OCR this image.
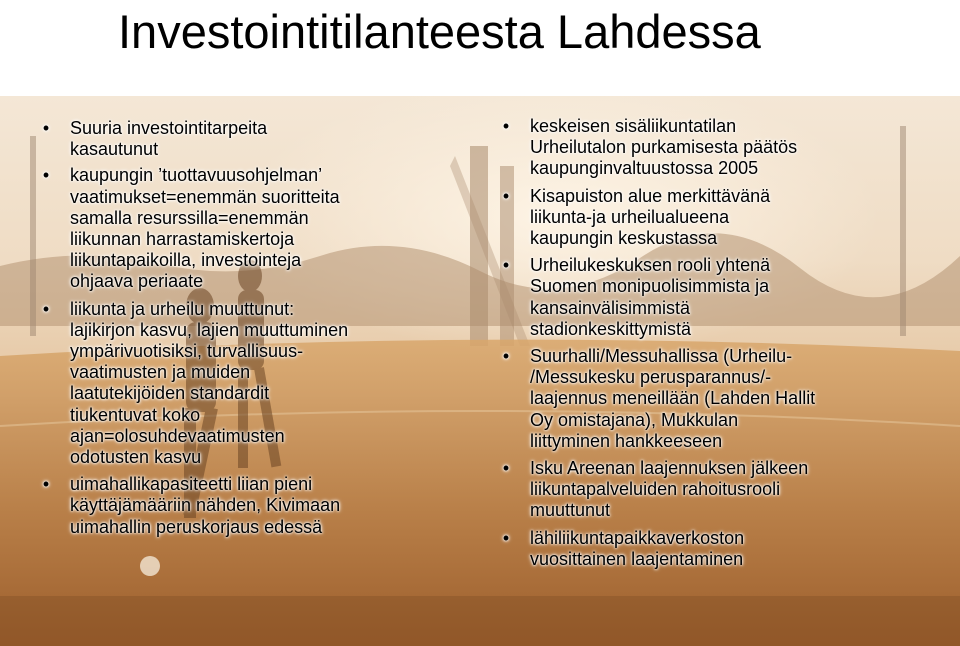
Investointitilanteesta Lahdessa
•	Suuria investointitarpeita
kasautunut
•	kaupungin ’tuottavuusohjelman’
vaatimukset=enemmän suoritteita
samalla resurssilla=enemmän
liikunnan harrastamiskertoja
liikuntapaikoilla, investointeja
ohjaava periaate
•	liikunta ja urheilu muuttunut:
lajikirjon kasvu, lajien muuttuminen
ympärivuotisiksi, turvallisuus-
vaatimusten ja muiden
laatutekijöiden standardit
tiukentuvat koko
ajan=olosuhdevaatimusten
odotusten kasvu
•	uimahallikapasiteetti liian pieni
käyttäjämääriin nähden, Kivimaan
uimahallin peruskorjaus edessä
•	keskeisen sisäliikuntatilan
Urheilutalon purkamisesta päätös
kaupunginvaltuustossa 2005
•	Kisapuiston alue merkittävänä
liikunta-ja urheilualueena
kaupungin keskustassa
•	Urheilukeskuksen rooli yhtenä
Suomen monipuolisimmista ja
kansainvälisimmistä
stadionkeskittymistä
•	Suurhalli/Messuhallissa (Urheilu-
/Messukesku perusparannus/-
laajennus meneillään (Lahden Hallit
Oy omistajana), Mukkulan
liittyminen hankkeeseen
•	Isku Areenan laajennuksen jälkeen
liikuntapalveluiden rahoitusrooli
muuttunut
•	lähiliikuntapaikkaverkoston
vuosittainen laajentaminen
